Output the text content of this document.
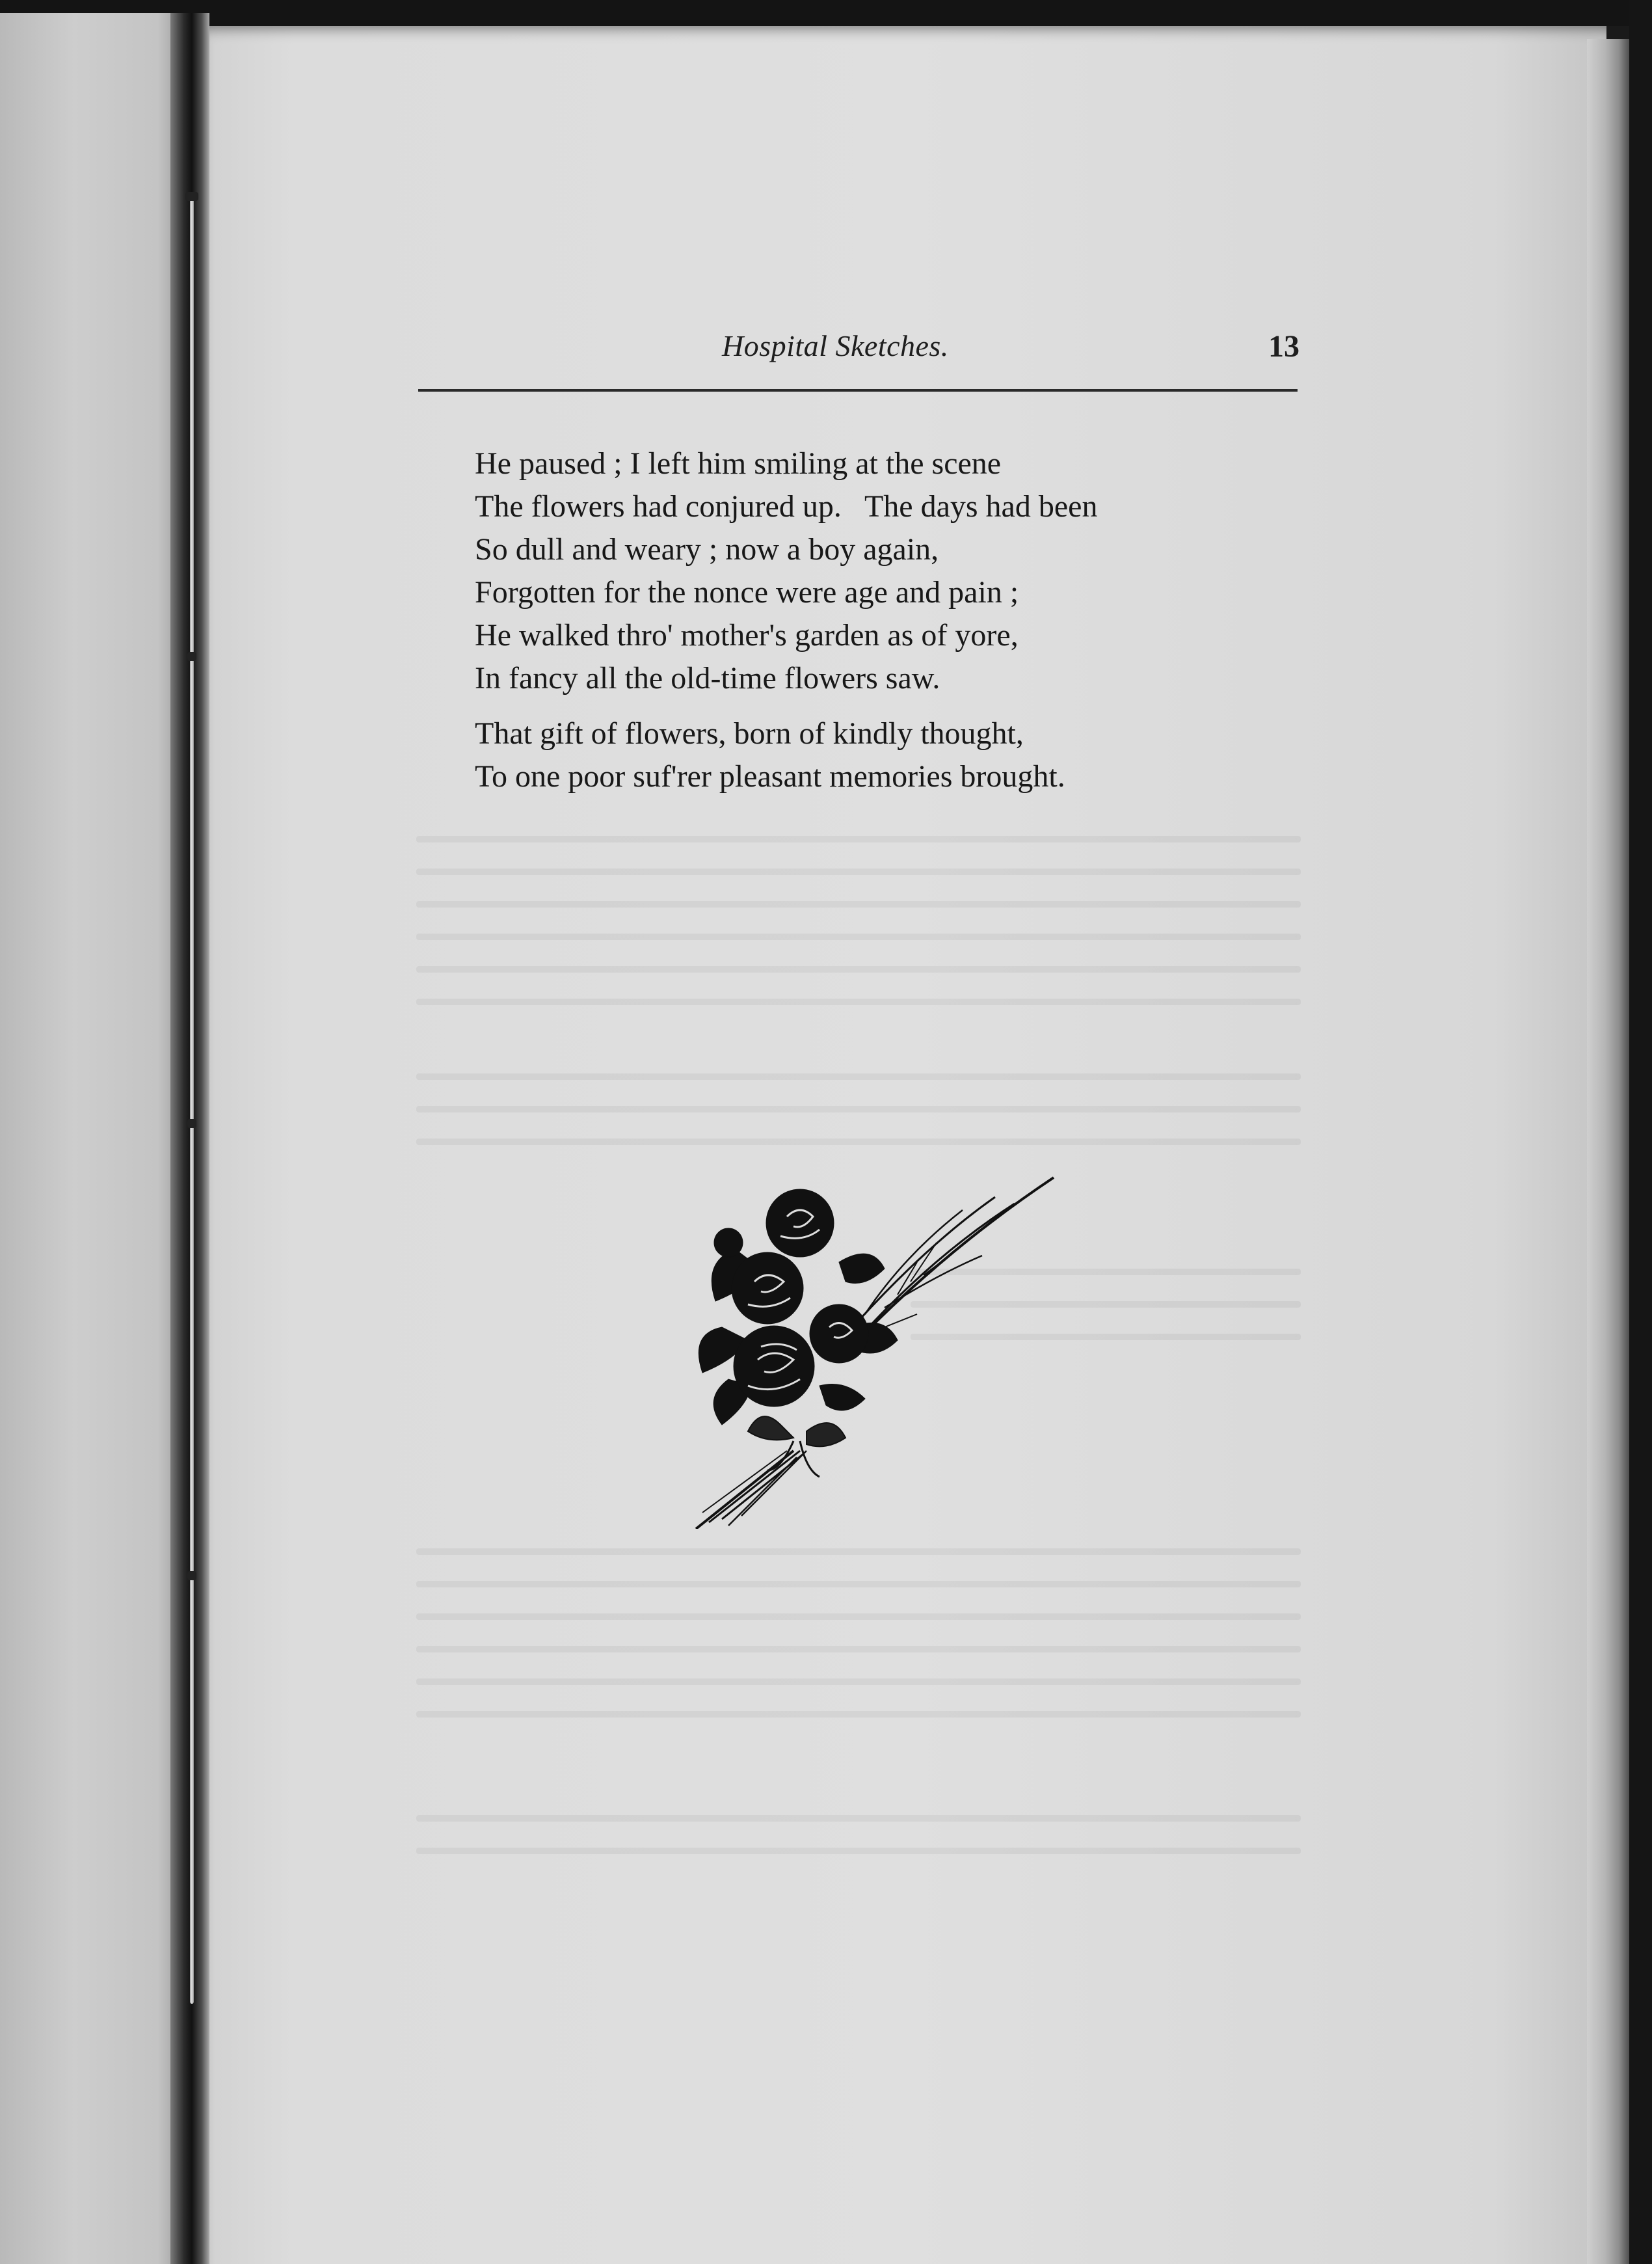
Hospital Sketches.	13
He paused ; I left him smiling at the scene
The flowers had conjured up.   The days had been
So dull and weary ; now a boy again,
Forgotten for the nonce were age and pain ;
He walked thro' mother's garden as of yore,
In fancy all the old-time flowers saw.
That gift of flowers, born of kindly thought,
To one poor suf'rer pleasant memories brought.
